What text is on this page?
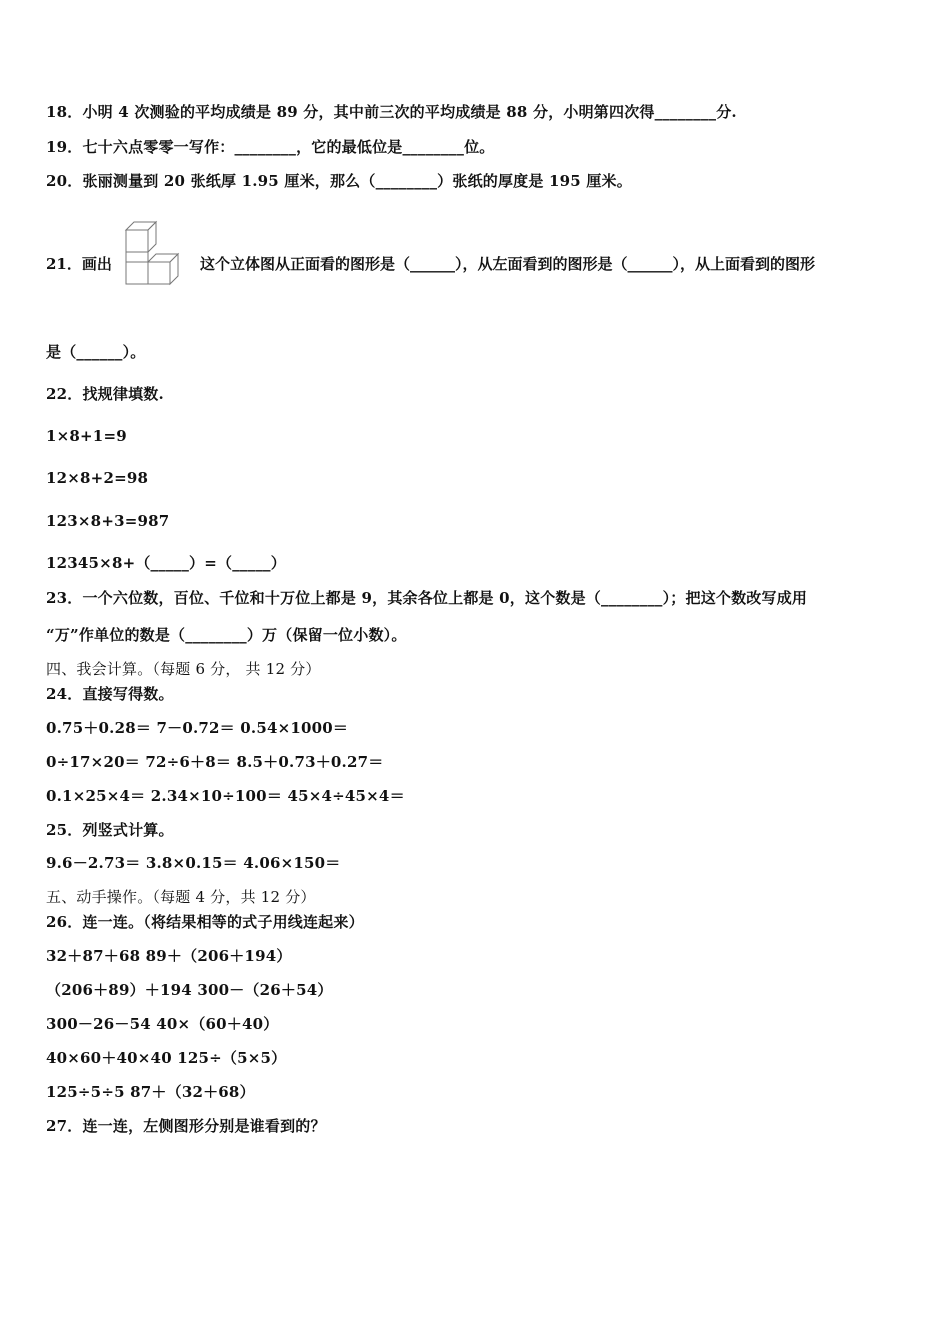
18．小明 4 次测验的平均成绩是 89 分，其中前三次的平均成绩是 88 分，小明第四次得________分.
19．七十六点零零一写作：________，它的最低位是________位。
20．张丽测量到 20 张纸厚 1.95 厘米，那么（________）张纸的厚度是 195 厘米。
21．画出	这个立体图从正面看的图形是（______），从左面看到的图形是（______），从上面看到的图形
是（______）。
22．找规律填数.
1×8+1=9
12×8+2=98
123×8+3=987
12345×8+（_____）=（_____）
23．一个六位数，百位、千位和十万位上都是 9，其余各位上都是 0，这个数是（________）；把这个数改写成用
“万”作单位的数是（________）万（保留一位小数）。
四、我会计算。（每题 6 分， 共 12 分）
24．直接写得数。
0.75＋0.28＝ 7－0.72＝ 0.54×1000＝
0÷17×20＝ 72÷6＋8＝ 8.5＋0.73＋0.27＝
0.1×25×4＝ 2.34×10÷100＝ 45×4÷45×4＝
25．列竖式计算。
9.6－2.73＝ 3.8×0.15＝ 4.06×150＝
五、动手操作。（每题 4 分，共 12 分）
26．连一连。（将结果相等的式子用线连起来）
32＋87＋68 89＋（206＋194）
（206＋89）＋194 300－（26＋54）
300－26－54 40×（60＋40）
40×60＋40×40 125÷（5×5）
125÷5÷5 87＋（32＋68）
27．连一连，左侧图形分别是谁看到的？
